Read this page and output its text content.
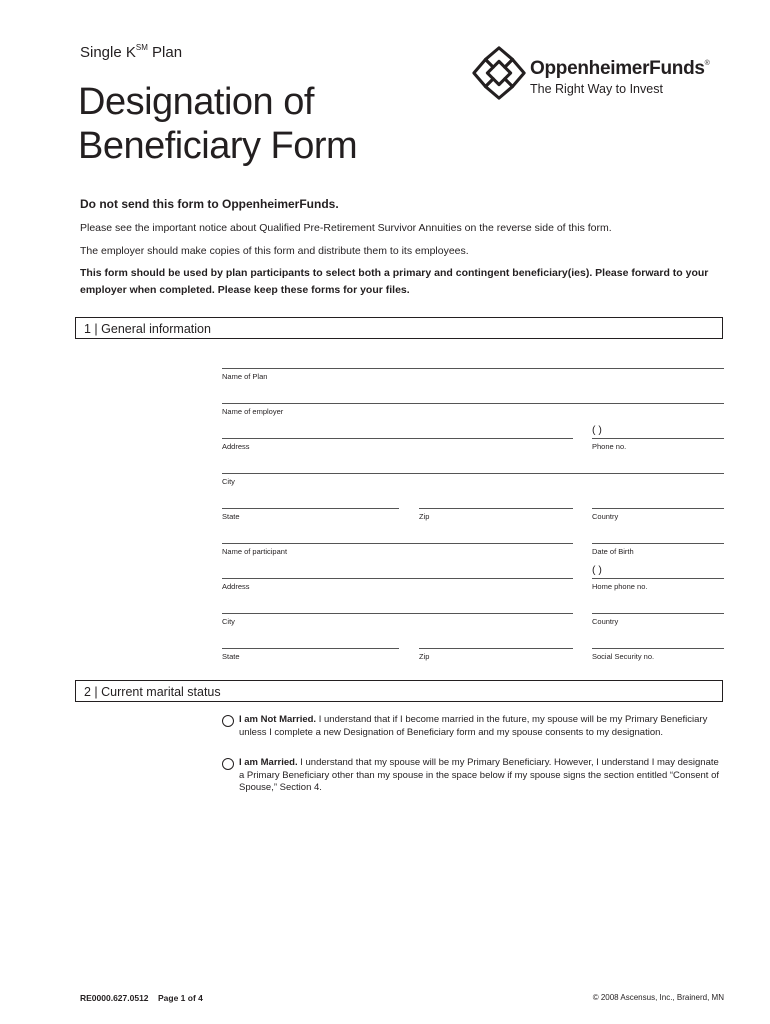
Single K℠ Plan
Designation of
Beneficiary Form
OppenheimerFunds®
The Right Way to Invest
Do not send this form to OppenheimerFunds.
Please see the important notice about Qualified Pre-Retirement Survivor Annuities on the reverse side of this form.
The employer should make copies of this form and distribute them to its employees.
This form should be used by plan participants to select both a primary and contingent beneficiary(ies). Please forward to your employer when completed. Please keep these forms for your files.
1 | General information
Name of Plan
Name of employer
( )
Address	Phone no.
City
State	Zip	Country
Name of participant	Date of Birth
( )
Address	Home phone no.
City	Country
State	Zip	Social Security no.
2 | Current marital status
I am Not Married. I understand that if I become married in the future, my spouse will be my Primary Beneficiary unless I complete a new Designation of Beneficiary form and my spouse consents to my designation.
I am Married. I understand that my spouse will be my Primary Beneficiary. However, I understand I may designate a Primary Beneficiary other than my spouse in the space below if my spouse signs the section entitled “Consent of Spouse,” Section 4.
RE0000.627.0512 Page 1 of 4	© 2008 Ascensus, Inc., Brainerd, MN
